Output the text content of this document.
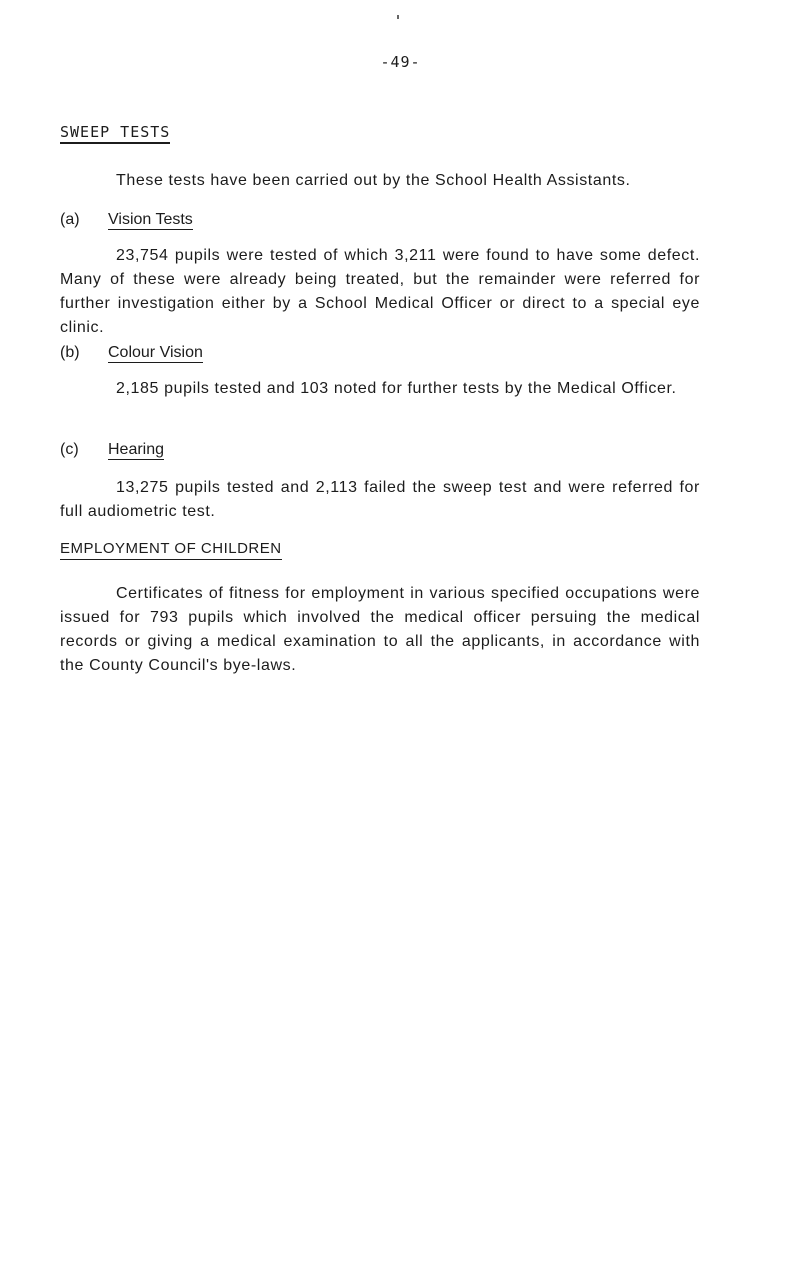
-49-
SWEEP TESTS

These tests have been carried out by the School Health Assistants.

(a) Vision Tests

23,754 pupils were tested of which 3,211 were found to have some defect. Many of these were already being treated, but the remainder were referred for further investigation either by a School Medical Officer or direct to a special eye clinic.

(b) Colour Vision

2,185 pupils tested and 103 noted for further tests by the Medical Officer.

(c) Hearing

13,275 pupils tested and 2,113 failed the sweep test and were referred for full audiometric test.

EMPLOYMENT OF CHILDREN

Certificates of fitness for employment in various specified occupations were issued for 793 pupils which involved the medical officer persuing the medical records or giving a medical examination to all the applicants, in accordance with the County Council's bye-laws.
